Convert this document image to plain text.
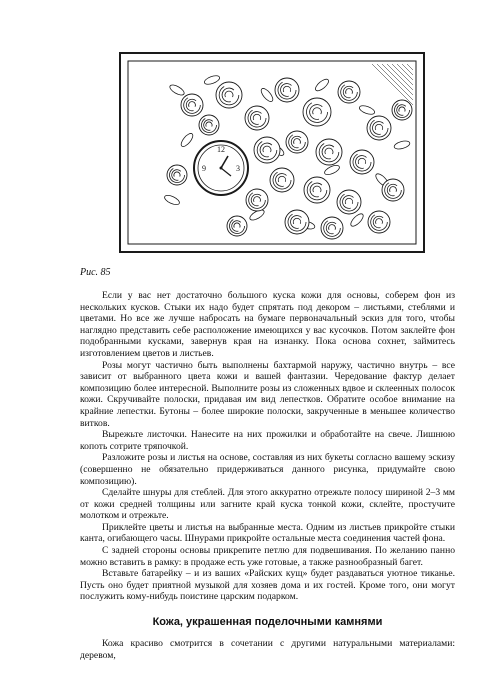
12
9	3
Рис. 85

Если у вас нет достаточно большого куска кожи для основы, соберем фон из нескольких кусков. Стыки их надо будет спрятать под декором – листьями, стеблями и цветами. Но все же лучше набросать на бумаге первоначальный эскиз для того, чтобы наглядно представить себе расположение имеющихся у вас кусочков. Потом заклейте фон подобранными кусками, завернув края на изнанку. Пока основа сохнет, займитесь изготовлением цветов и листьев.

Розы могут частично быть выполнены бахтармой наружу, частично внутрь – все зависит от выбранного цвета кожи и вашей фантазии. Чередование фактур делает композицию более интересной. Выполните розы из сложенных вдвое и склеенных полосок кожи. Скручивайте полоски, придавая им вид лепестков. Обратите особое внимание на крайние лепестки. Бутоны – более широкие полоски, закрученные в меньшее количество витков.

Вырежьте листочки. Нанесите на них прожилки и обработайте на свече. Лишнюю копоть сотрите тряпочкой.

Разложите розы и листья на основе, составляя из них букеты согласно вашему эскизу (совершенно не обязательно придерживаться данного рисунка, придумайте свою композицию).

Сделайте шнуры для стеблей. Для этого аккуратно отрежьте полосу шириной 2–3 мм от кожи средней толщины или загните край куска тонкой кожи, склейте, простучите молотком и отрежьте.

Приклейте цветы и листья на выбранные места. Одним из листьев прикройте стыки канта, огибающего часы. Шнурами прикройте остальные места соединения частей фона.

С задней стороны основы прикрепите петлю для подвешивания. По желанию панно можно вставить в рамку: в продаже есть уже готовые, а также разнообразный багет.

Вставьте батарейку – и из ваших «Райских кущ» будет раздаваться уютное тиканье. Пусть оно будет приятной музыкой для хозяев дома и их гостей. Кроме того, они могут послужить кому-нибудь поистине царским подарком.

Кожа, украшенная поделочными камнями

Кожа красиво смотрится в сочетании с другими натуральными материалами: деревом,
